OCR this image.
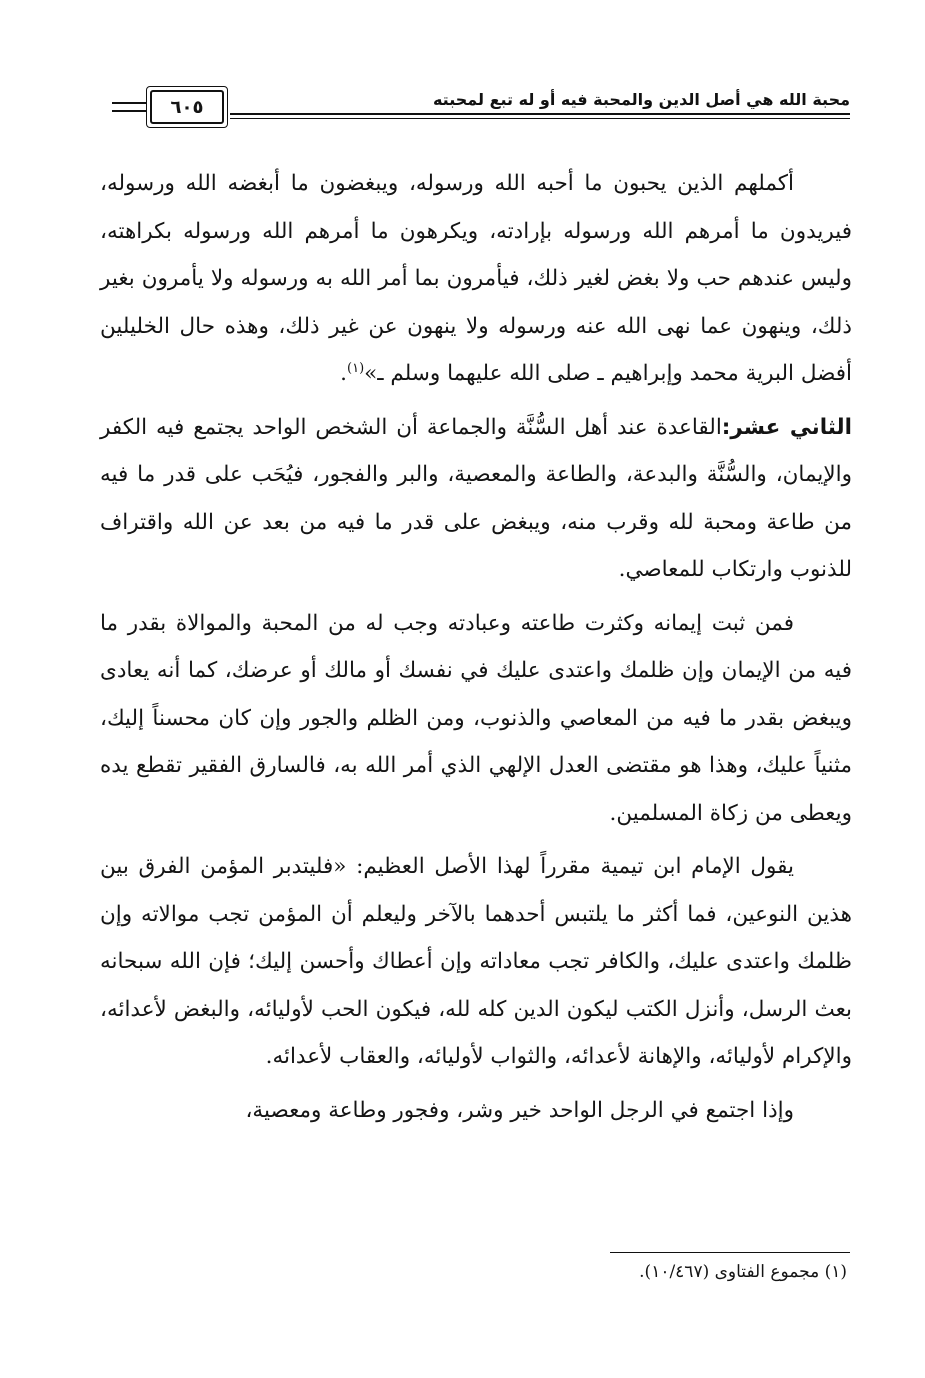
محبة الله هي أصل الدين والمحبة فيه أو له تبع لمحبته
٦٠٥

أكملهم الذين يحبون ما أحبه الله ورسوله، ويبغضون ما أبغضه الله ورسوله، فيريدون ما أمرهم الله ورسوله بإرادته، ويكرهون ما أمرهم الله ورسوله بكراهته، وليس عندهم حب ولا بغض لغير ذلك، فيأمرون بما أمر الله به ورسوله ولا يأمرون بغير ذلك، وينهون عما نهى الله عنه ورسوله ولا ينهون عن غير ذلك، وهذه حال الخليلين أفضل البرية محمد وإبراهيم ـ صلى الله عليهما وسلم ـ»$^{(١)}$.

الثاني عشر:القاعدة عند أهل السُّنَّة والجماعة أن الشخص الواحد يجتمع فيه الكفر والإيمان، والسُّنَّة والبدعة، والطاعة والمعصية، والبر والفجور، فيُحَب على قدر ما فيه من طاعة ومحبة لله وقرب منه، ويبغض على قدر ما فيه من بعد عن الله واقتراف للذنوب وارتكاب للمعاصي.

فمن ثبت إيمانه وكثرت طاعته وعبادته وجب له من المحبة والموالاة بقدر ما فيه من الإيمان وإن ظلمك واعتدى عليك في نفسك أو مالك أو عرضك، كما أنه يعادى ويبغض بقدر ما فيه من المعاصي والذنوب، ومن الظلم والجور وإن كان محسناً إليك، مثنياً عليك، وهذا هو مقتضى العدل الإلهي الذي أمر الله به، فالسارق الفقير تقطع يده ويعطى من زكاة المسلمين.

يقول الإمام ابن تيمية مقرراً لهذا الأصل العظيم: «فليتدبر المؤمن الفرق بين هذين النوعين، فما أكثر ما يلتبس أحدهما بالآخر وليعلم أن المؤمن تجب موالاته وإن ظلمك واعتدى عليك، والكافر تجب معاداته وإن أعطاك وأحسن إليك؛ فإن الله سبحانه بعث الرسل، وأنزل الكتب ليكون الدين كله لله، فيكون الحب لأوليائه، والبغض لأعدائه، والإكرام لأوليائه، والإهانة لأعدائه، والثواب لأوليائه، والعقاب لأعدائه.

وإذا اجتمع في الرجل الواحد خير وشر، وفجور وطاعة ومعصية،

(١) مجموع الفتاوى (١٠/٤٦٧).
